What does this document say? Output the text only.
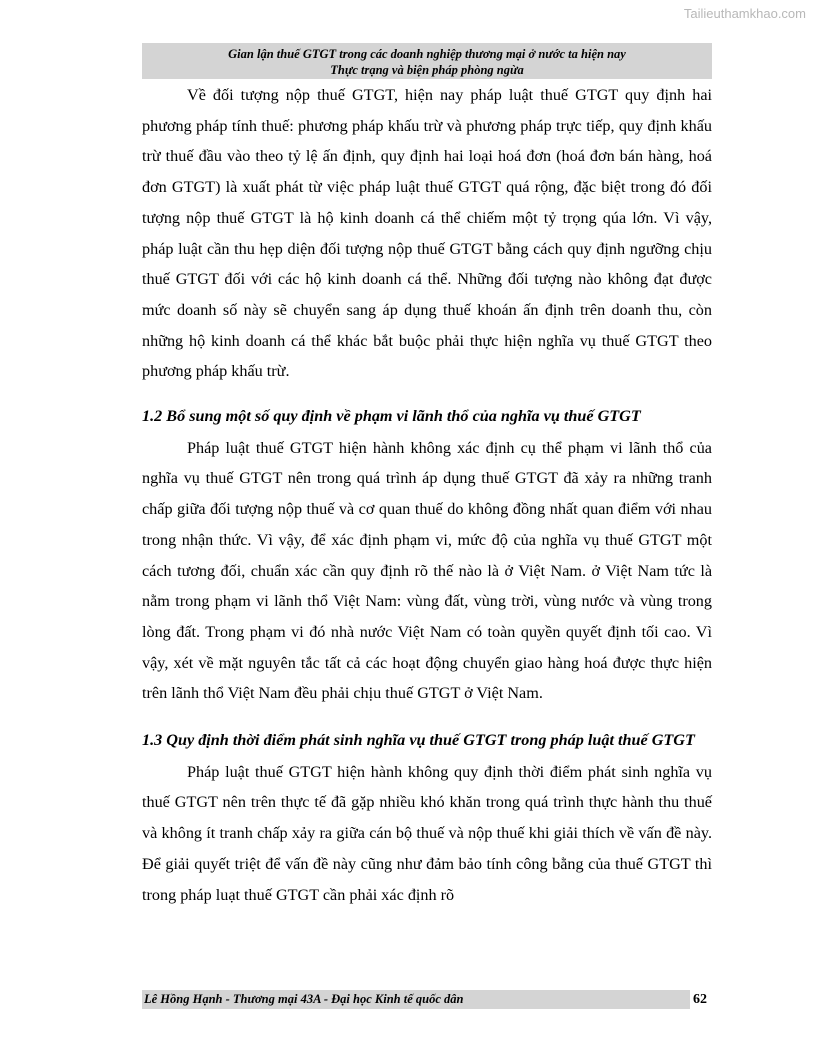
Tailieuthamkhao.com
Gian lận thuế GTGT trong các doanh nghiệp thương mại ở nước ta hiện nay
Thực trạng và biện pháp phòng ngừa

Về đối tượng nộp thuế GTGT, hiện nay pháp luật thuế GTGT quy định hai phương pháp tính thuế: phương pháp khấu trừ và phương pháp trực tiếp, quy định khấu trừ thuế đầu vào theo tỷ lệ ấn định, quy định hai loại hoá đơn (hoá đơn bán hàng, hoá đơn GTGT) là xuất phát từ việc pháp luật thuế GTGT quá rộng, đặc biệt trong đó đối tượng nộp thuế GTGT là hộ kinh doanh cá thể chiếm một tỷ trọng qúa lớn. Vì vậy, pháp luật cần thu hẹp diện đối tượng nộp thuế GTGT bằng cách quy định ngưỡng chịu thuế GTGT đối với các hộ kinh doanh cá thể. Những đối tượng nào không đạt được mức doanh số này sẽ chuyển sang áp dụng thuế khoán ấn định trên doanh thu, còn những hộ kinh doanh cá thể khác bắt buộc phải thực hiện nghĩa vụ thuế GTGT theo phương pháp khấu trừ.

1.2 Bổ sung một số quy định về phạm vi lãnh thổ của nghĩa vụ thuế GTGT

Pháp luật thuế GTGT hiện hành không xác định cụ thể phạm vi lãnh thổ của nghĩa vụ thuế GTGT nên trong quá trình áp dụng thuế GTGT đã xảy ra những tranh chấp giữa đối tượng nộp thuế và cơ quan thuế do không đồng nhất quan điểm với nhau trong nhận thức. Vì vậy, để xác định phạm vi, mức độ của nghĩa vụ thuế GTGT một cách tương đối, chuẩn xác cần quy định rõ thế nào là ở Việt Nam. ở Việt Nam tức là nằm trong phạm vi lãnh thổ Việt Nam: vùng đất, vùng trời, vùng nước và vùng trong lòng đất. Trong phạm vi đó nhà nước Việt Nam có toàn quyền quyết định tối cao. Vì vậy, xét về mặt nguyên tắc tất cả các hoạt động chuyển giao hàng hoá được thực hiện trên lãnh thổ Việt Nam đều phải chịu thuế GTGT ở Việt Nam.

1.3 Quy định thời điểm phát sinh nghĩa vụ thuế GTGT trong pháp luật thuế GTGT

Pháp luật thuế GTGT hiện hành không quy định thời điểm phát sinh nghĩa vụ thuế GTGT nên trên thực tế đã gặp nhiều khó khăn trong quá trình thực hành thu thuế và không ít tranh chấp xảy ra giữa cán bộ thuế và nộp thuế khi giải thích về vấn đề này. Để giải quyết triệt để vấn đề này cũng như đảm bảo tính công bằng của thuế GTGT thì trong pháp luạt thuế GTGT cần phải xác định rõ

Lê Hồng Hạnh - Thương mại 43A - Đại học Kinh tế quốc dân	62
